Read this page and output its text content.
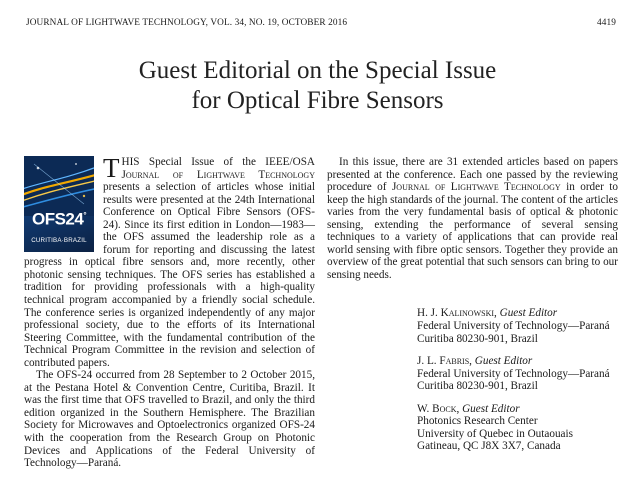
JOURNAL OF LIGHTWAVE TECHNOLOGY, VOL. 34, NO. 19, OCTOBER 2016	4419
Guest Editorial on the Special Issue
for Optical Fibre Sensors
OFS24°
CURITIBA·BRAZIL

THIS Special Issue of the IEEE/OSA Journal of Lightwave Technology presents a selection of articles whose initial results were presented at the 24th International Conference on Optical Fibre Sensors (OFS-24). Since its first edition in London—1983—the OFS assumed the leadership role as a forum for reporting and discussing the latest progress in optical fibre sensors and, more recently, other photonic sensing techniques. The OFS series has established a tradition for providing professionals with a high-quality technical program accompanied by a friendly social schedule. The conference series is organized independently of any major professional society, due to the efforts of its International Steering Committee, with the fundamental contribution of the Technical Program Committee in the revision and selection of contributed papers.

The OFS-24 occurred from 28 September to 2 October 2015, at the Pestana Hotel & Convention Centre, Curitiba, Brazil. It was the first time that OFS travelled to Brazil, and only the third edition organized in the Southern Hemisphere. The Brazilian Society for Microwaves and Optoelectronics organized OFS-24 with the cooperation from the Research Group on Photonic Devices and Applications of the Federal University of Technology—Paraná.

In this issue, there are 31 extended articles based on papers presented at the conference. Each one passed by the reviewing procedure of Journal of Lightwave Technology in order to keep the high standards of the journal. The content of the articles varies from the very fundamental basis of optical & photonic sensing, extending the performance of several sensing techniques to a variety of applications that can provide real world sensing with fibre optic sensors. Together they provide an overview of the great potential that such sensors can bring to our sensing needs.

H. J. Kalinowski, Guest Editor
Federal University of Technology—Paraná
Curitiba 80230-901, Brazil
J. L. Fabris, Guest Editor
Federal University of Technology—Paraná
Curitiba 80230-901, Brazil
W. Bock, Guest Editor
Photonics Research Center
University of Quebec in Outaouais
Gatineau, QC J8X 3X7, Canada
